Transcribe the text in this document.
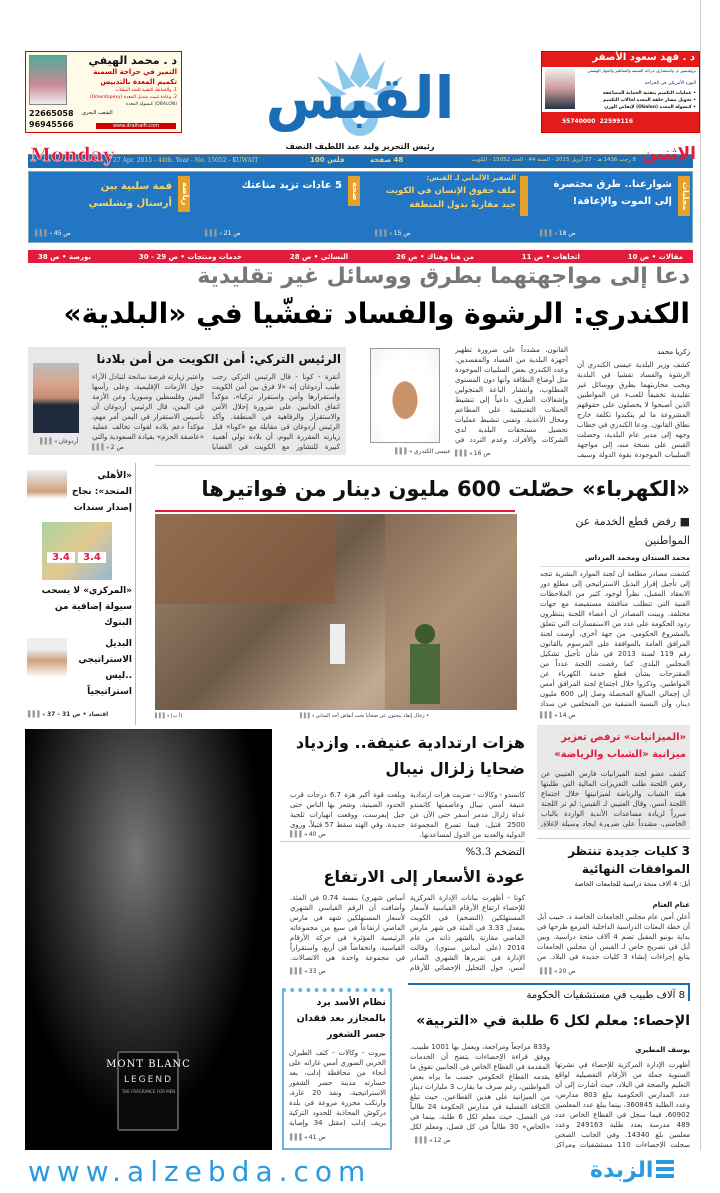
د . محمد الهيفي
التميز في جراحة السمنة
تكميم المعدة بالتدبيس
1. والخياطة الثقنية للشد البطنات
2. وعادة تثبيت منديل المعدة (Omentopexy)
(OBALON) كبسولة المعدة
الشعب البحري
22665058
96945566	www.dralhaifi.com	القبس
د . فهد سعود الأصفر
بروفيسور م. واستشاري جراحة السمنة والمناظير والجهاز الهضمي
البورد الأمريكي في الجراحة
• عمليات التكميم بتقنية الحماية المضاعفة
• تحويل مسار حلقة المعدة لحالات التكميم
• كبسولة المعدة (Obalon) لإنقاص الوزن
55740000 22599116
رئيس التحرير وليد عبد اللطيف النصف
Monday
27 Apr. 2015 - 44th. Year - No. 15052 - KUWAIT	100 فلس	48 صفحة	8 رجب 1436 هـ - 27 أبريل 2015 - السنة 44 - العدد 15052 - الكويت الإثنين
محليات
شوارعنا.. طرق مختصرة إلى الموت والإعاقة!
ص 18 ◂▌▌▌
السفير الألماني لـ القبس:
ملف حقوق الإنسان في الكويت جيد مقارنةً بدول المنطقة
ص 15 ◂▌▌▌
صحة
5 عادات تزيد مناعتك
ص 21 ◂▌▌▌
رياضة
قمة سلبية بين أرسنال وتشلسي
ص 45 ◂▌▌▌
مقالات • ص 10
اتجاهات • ص 11
من هنا وهناك • ص 26
النسائي • ص 28
خدمات ومنتجات • ص 29 - 30
بورصة • ص 38
دعا إلى مواجهتهما بطرق ووسائل غير تقليدية
الكندري: الرشوة والفساد تفشّيا في «البلدية»
زكريا محمد
كشف وزير البلدية عيسى الكندري أن الرشوة والفساد تفشيا في البلدية ويجب محاربتهما بطرق ووسائل غير تقليدية تخفيفاً للعبء عن المواطنين الذين أصبحوا لا يحصلون على حقوقهم المشروعة ما لم يتكبدوا تكلفة خارج نطاق القانون. ودعا الكندري في خطاب وجهه إلى مدير عام البلدية، وحصلت القبس على نسخة منه، إلى مواجهة السلبيات الموجودة بقوة الدولة وسيف
القانون، مشدداً على ضرورة تطهير أجهزة البلدية من الفساد والمفسدين. وعدد الكندري بعض السلبيات الموجودة مثل أوضاع النظافة وأنها دون المستوى المطلوب، وانتشار الباعة المتجولين وإشغالات الطرق، داعياً إلى تنشيط الحملات التفتيشية على المطاعم ومحال الأغذية. وتمنى تنشيط عمليات تحصيل مستحقات البلدية لدى الشركات والأفراد، وعدم التردد في
ص 16 ◂▌▌▌
عيسى الكندري ◂▌▌▌
الرئيس التركي: أمن الكويت من أمن بلادنا
أنقرة - كونا - قال الرئيس التركي رجب طيب أردوغان إنه «لا فرق بين أمن الكويت واستقرارها وأمن واستقرار تركيا»، مؤكداً اتفاق الجانبين على ضرورة إحلال الأمن والاستقرار والرفاهية في المنطقة. وأكد الرئيس أردوغان في مقابلة مع «كونا» قبل زيارته المقررة اليوم، أن بلاده تولي أهمية كبيرة للتشاور مع الكويت في القضايا
واعتبر زيارته فرصة سانحة لتبادل الآراء حول الأزمات الإقليمية، وعلى رأسها اليمن وفلسطين وسوريا. وعن الأزمة في اليمن، قال الرئيس أردوغان أن تأسيس الاستقرار في اليمن أمر مهم، مؤكداً دعم بلاده لقوات تحالف عملية «عاصفة الحزم» بقيادة السعودية والتي
ص 2 ◂▌▌▌
أردوغان ◂▌▌▌
«الأهلي المتحد»: نجاح إصدار سندات
3.4	3.4
«المركزي» لا يسحب سيولة إضافية من البنوك
البديل الاستراتيجي ..ليس استراتيجياً
اقتصاد • ص 31 - 37 ◂▌▌▌
«الكهرباء» حصّلت 600 مليون دينار من فواتيرها
• رجال إنقاذ يبحثون عن ضحايا تحت أنقاض أحد المباني ◂▌▌▌
(أ ب) ◂▌▌▌
■ رفض قطع الخدمة عن المواطنين
محمد السندان ومحمد المرداس
كشفت مصادر مطلعة أن لجنة الموارد البشرية تتجه إلى تأجيل إقرار البديل الاستراتيجي إلى مطلع دور الانعقاد المقبل، نظراً لوجود كثير من الملاحظات الفنية التي تتطلب مناقشة مستفيضة مع جهات مختلفة. وبينت المصادر أن أعضاء اللجنة ينتظرون ردود الحكومة على عدد من الاستفسارات التي تتعلق بالمشروع الحكومي. من جهة أخرى، أوصت لجنة المرافق العامة بالموافقة على المرسوم بالقانون رقم 119 لسنة 2013 في شأن تأجيل تشكيل المجلس البلدي. كما رفضت اللجنة عدداً من المقترحات بشأن قطع خدمة الكهرباء عن المواطنين. وذكروا خلال اجتماع لجنة المرافق أمس أن إجمالي المبالغ المحصلة وصل إلى 600 مليون دينار، وأن النسبة المتبقية من المتخلفين عن سداد
ص 14 ◂▌▌▌
MONT BLANC
LEGEND
THE FRAGRANCE FOR MEN
هزات ارتدادية عنيفة.. وازدياد ضحايا زلزال نيبال
كاتمندو - وكالات - ضربت هزات ارتدادية عنيفة أمس نيبال وعاصمتها كاتمندو غداة زلزال مدمر أسفر حتى الآن عن 2500 قتيل، فيما تسرع المجموعة الدولية والعديد من الدول لمساعدتها.
وبلغت قوة أكبر هزة 6.7 درجات قرب الحدود الصينية، وشعر بها الناس حتى جبل إيفرست، ووقعت انهيارات ثلجية جديدة. وفي الهند سقط 57 قتيلاً، وروى
ص 40 ◂▌▌▌
«الميزانيات» ترفض تعزيز ميزانية «الشباب والرياضة»
كشف عضو لجنة الميزانيات فارس العتيبي عن رفض اللجنة طلب التعزيزات المالية التي طلبتها هيئة الشباب والرياضة لميزانيتها خلال اجتماع اللجنة أمس. وقال العتيبي لـ القبس: لم تر اللجنة مبرراً لزيادة مساعدات الأندية الواردة بالباب الخامس، مشدداً على ضرورة إيجاد وسيلة لإغلاق
التضخم 3.3%
عودة الأسعار إلى الارتفاع
كونا - أظهرت بيانات الإدارة المركزية للإحصاء ارتفاع الأرقام القياسية لأسعار المستهلكين (التضخم) في الكويت بمعدل 3.33 في المئة في شهر مارس الماضي مقارنة بالشهر ذاته من عام 2014 (على أساس سنوي). وقالت الإدارة في تقريرها الشهري الصادر أمس، حول التحليل الإحصائي للأرقام
أساس شهري) بنسبة 0.74 في المئة. وأضافت أن الرقم القياسي الشهري لأسعار المستهلكين شهد في مارس الماضي ارتفاعاً في سبع من مجموعاته الرئيسية المؤثرة في حركة الأرقام القياسية، وانخفاضاً في أربع، واستقراراً في مجموعة واحدة هي الاتصالات.
ص 33 ◂▌▌▌
3 كليات جديدة تنتظر الموافقات النهائية
أبل: 4 آلاف منحة دراسية للجامعات الخاصة
غنام الغنام
أعلن أمين عام مجلس الجامعات الخاصة د. حبيب أبل أن خطة البعثات الدراسية الداخلية المزمع طرحها في بداية يونيو المقبل تضم 4 آلاف منحة دراسية. وبين أبل في تصريح خاص لـ القبس أن مجلس الجامعات يتابع إجراءات إنشاء 3 كليات جديدة في البلاد. من
ص 20 ◂▌▌▌
نظام الأسد يرد بالمجازر بعد فقدان جسر الشغور
بيروت - وكالات - كثف الطيران الحربي السوري أمس غاراته على أنحاء من محافظة إدلب، بعد خسارته مدينة جسر الشغور الاستراتيجية، ونفذ 20 غارة، وارتكب مجزرة مروعة في بلدة دركوش المحاذية للحدود التركية بريف إدلب (مقتل 34 وإصابة
ص 41 ◂▌▌▌
8 آلاف طبيب في مستشفيات الحكومة
الإحصاء: معلم لكل 6 طلبة في «التربية»
يوسف المطيري
أظهرت الإدارة المركزية للإحصاء في نشرتها السنوية جملة من الأرقام التفصيلية لواقع التعليم والصحة في البلاد، حيث أشارت إلى أن عدد المدارس الحكومية يبلغ 803 مدارس، وعدد الطلبة 360845، بينما يبلغ عدد المعلمين 60902، فيما سجل في القطاع الخاص عدد 489 مدرسة بعدد طلبة 249163 وعدد معلمين بلغ 14340. وفي الجانب الصحي سجلت الإحصاءات 110 مستشفيات ومراكز
و833 مراجعاً ومراجعة، ويعمل بها 1001 طبيب. ووفق قراءة الإحصاءات يتضح أن الخدمات المقدمة في القطاع الخاص في الجانبين تفوق ما يقدمه القطاع الحكومي حسب ما يراه بعض المواطنين، رغم صرف ما يقارب 3 مليارات دينار من الميزانية على هذين القطاعين. حيث تبلغ الكثافة الفصلية في مدارس الحكومة 24 طالباً في الفصل، حيث معلم لكل 6 طلبة، بينما في «الخاص» 30 طالباً في كل فصل، ومعلم لكل
ص 12 ◂▌▌▌
www.alzebda.com	الزبدة
